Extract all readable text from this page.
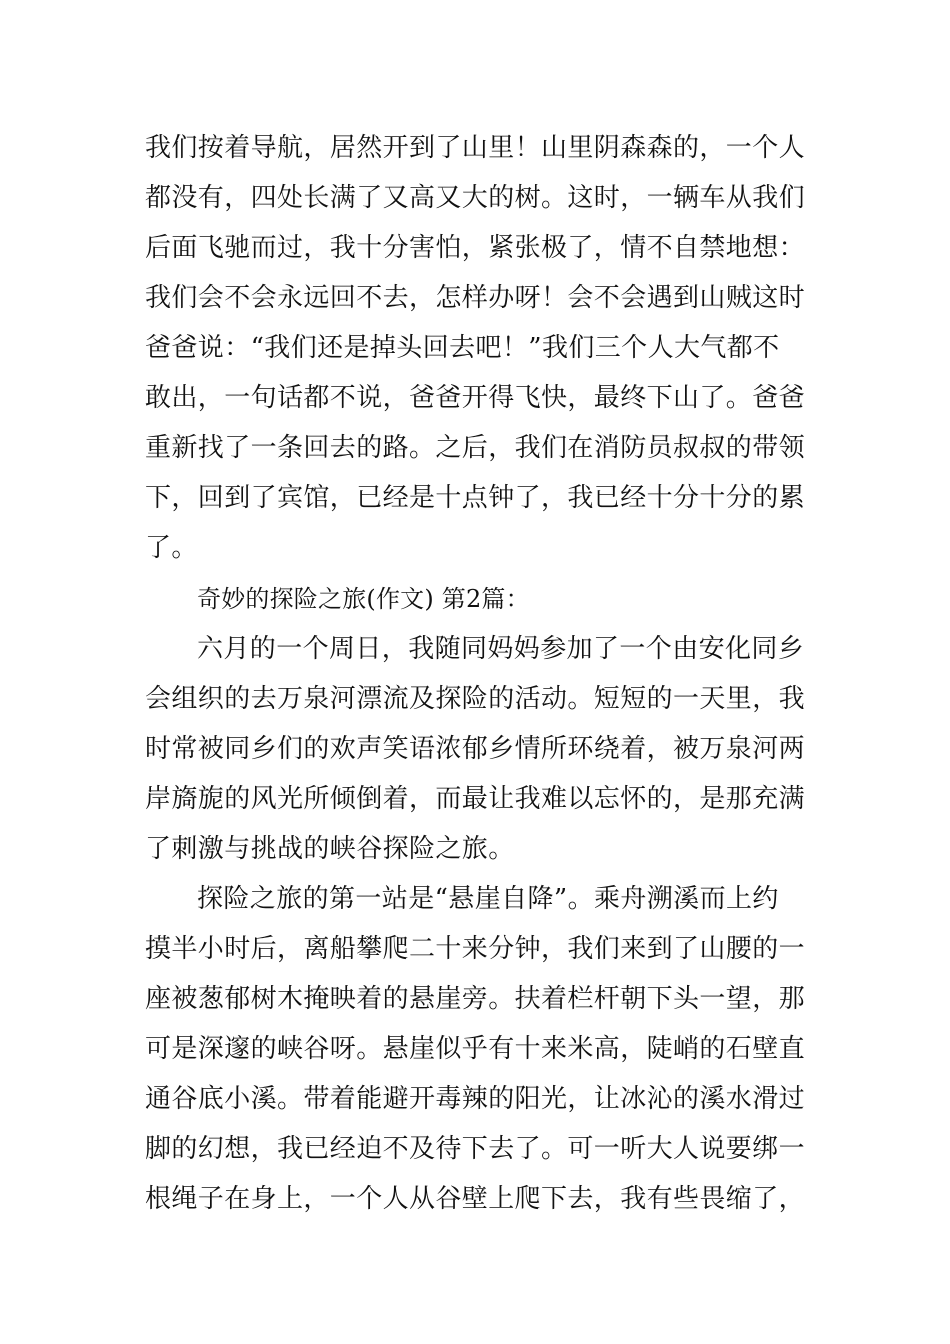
我们按着导航，居然开到了山里！山里阴森森的，一个人
都没有，四处长满了又高又大的树。这时，一辆车从我们
后面飞驰而过，我十分害怕，紧张极了，情不自禁地想：
我们会不会永远回不去，怎样办呀！会不会遇到山贼这时
爸爸说：“我们还是掉头回去吧！”我们三个人大气都不
敢出，一句话都不说，爸爸开得飞快，最终下山了。爸爸
重新找了一条回去的路。之后，我们在消防员叔叔的带领
下，回到了宾馆，已经是十点钟了，我已经十分十分的累
了。
奇妙的探险之旅(作文) 第2篇：
六月的一个周日，我随同妈妈参加了一个由安化同乡
会组织的去万泉河漂流及探险的活动。短短的一天里，我
时常被同乡们的欢声笑语浓郁乡情所环绕着，被万泉河两
岸旖旎的风光所倾倒着，而最让我难以忘怀的，是那充满
了刺激与挑战的峡谷探险之旅。
探险之旅的第一站是“悬崖自降”。乘舟溯溪而上约
摸半小时后，离船攀爬二十来分钟，我们来到了山腰的一
座被葱郁树木掩映着的悬崖旁。扶着栏杆朝下头一望，那
可是深邃的峡谷呀。悬崖似乎有十来米高，陡峭的石壁直
通谷底小溪。带着能避开毒辣的阳光，让冰沁的溪水滑过
脚的幻想，我已经迫不及待下去了。可一听大人说要绑一
根绳子在身上，一个人从谷壁上爬下去，我有些畏缩了，
